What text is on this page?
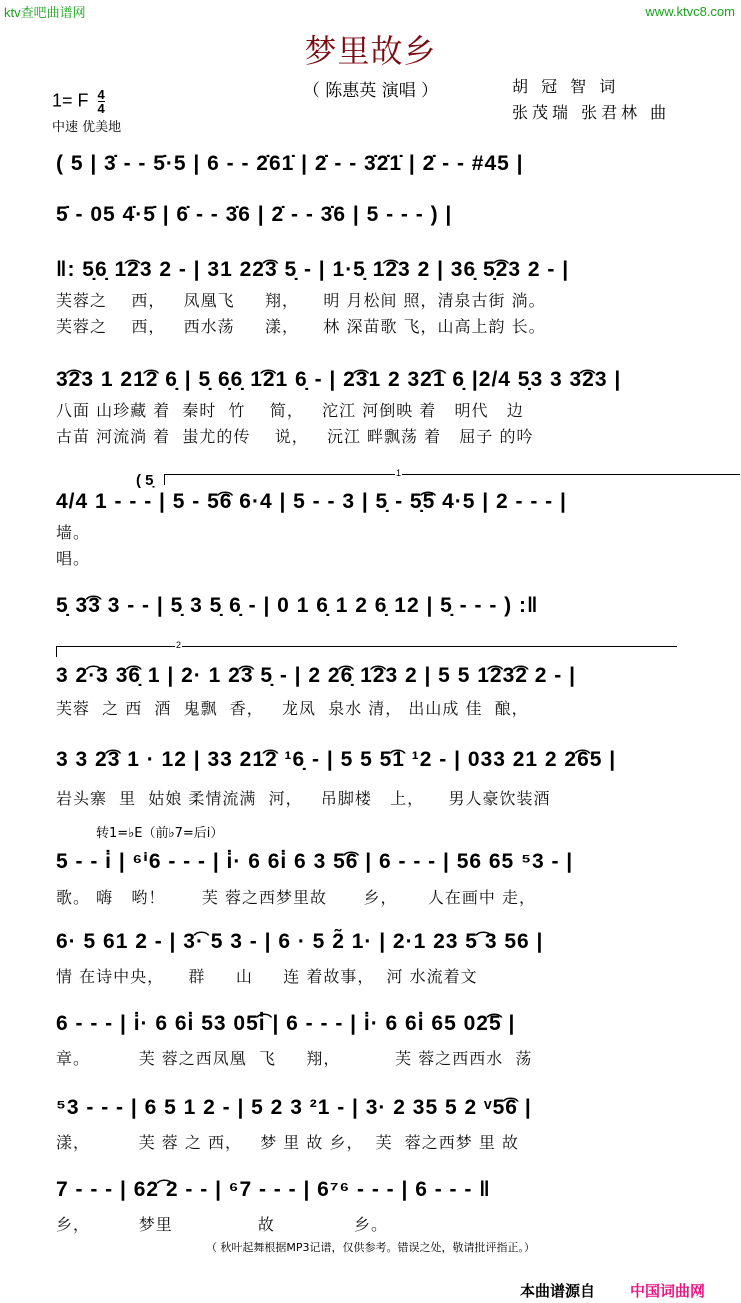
ktv查吧曲谱网	www.ktvc8.com
梦里故乡
（ 陈惠英 演唱 ）
1= F $\frac{4}{4}$
中速 优美地
胡 冠 智 词
张茂瑞 张君林 曲
( 5 | 3̇ - - 5̇·5 | 6 - - 2̇61̇ | 2̇ - - 3̇2̇1̇ | 2̇ - - #45 |
5̇ - 05 4̇·5̇ | 6̇ - - 3̇6 | 2̇ - - 3̇6 | 5 - - - ) |
‖: 5̣6̣ 1͡23 2 - | 31 22͡3 5̣ - | 1·5̣ 1͡23 2 | 36̣ 5̣͡23 2 - |
芙蓉之    西，   凤凰飞     翔，    明 月松间 照，清泉古街 淌。
芙蓉之    西，   西水荡     漾，    林 深苗歌 飞，山高上韵 长。
3͡23 1 21͡2 6̣ | 5̣ 6̣6̣ 1͡21 6̣ - | 2͡31 2 32͡1 6̣ |2/4 5̣3 3 3͡23 |
八面 山珍藏 着  秦时  竹    简，   沱江 河倒映 着   明代   边
古苗 河流淌 着  蚩尤的传    说，   沅江 畔飘荡 着   屈子 的吟
1
( 5̣
4/4 1 - - - | 5 - 5͡6 6·4 | 5 - - 3 | 5̣ - 5̣͡5 4·5 | 2 - - - |
墙。
唱。
5̣ 3͡3 3 - - | 5̣ 3 5̣ 6̣ - | 0 1 6̣ 1 2 6̣ 12 | 5̣ - - - ) :‖
2
3 2͡·3 3͡6̣ 1 | 2· 1 2͡3 5̣ - | 2 2͡6̣ 1͡23 2 | 5 5 1͡23͡2 2 - |
芙蓉  之 西  酒  鬼飘  香，   龙凤  泉水 清， 出山成 佳  酿，
3 3 2͡3 1 · 12 | 33 21͡2 ¹6̣ - | 5 5 5͡1 ¹2 - | 033 21 2 2͡65 |
岩头寨  里  姑娘 柔情流满  河，   吊脚楼   上，    男人豪饮装酒
转1=♭E（前♭7=后i̇）
5 - - i̇ | ⁶ⁱ6 - - - | i̇· 6 6i̇ 6 3 5͡6 | 6 - - - | 56 65 ⁵3 - |
歌。 嗨   哟！      芙 蓉之西梦里故      乡，     人在画中 走，
6· 5 61 2 - | 3͡· 5 3 - | 6 · 5 2̃ 1· | 2·1 23 5͡ 3 56 |
情 在诗中央，    群     山     连 着故事，  河 水流着文
6 - - - | i̇· 6 6i̇ 53 05͡i̇ | 6 - - - | i̇· 6 6i̇ 65 02͡5 |
章。        芙 蓉之西凤凰  飞     翔，         芙 蓉之西西水  荡
⁵3 - - - | 6 5 1 2 - | 5 2 3 ²1 - | 3· 2 35 5 2 ᵛ5͡6 |
漾，        芙 蓉 之 西，   梦 里 故 乡，  芙  蓉之西梦 里 故
7 - - - | 62͡ 2 - - | ⁶7 - - - | 6⁷⁶ - - - | 6 - - - ‖
乡，        梦里              故             乡。
（ 秋叶起舞根据MP3记谱，仅供参考。错误之处，敬请批评指正。）
本曲谱源自 中国词曲网
